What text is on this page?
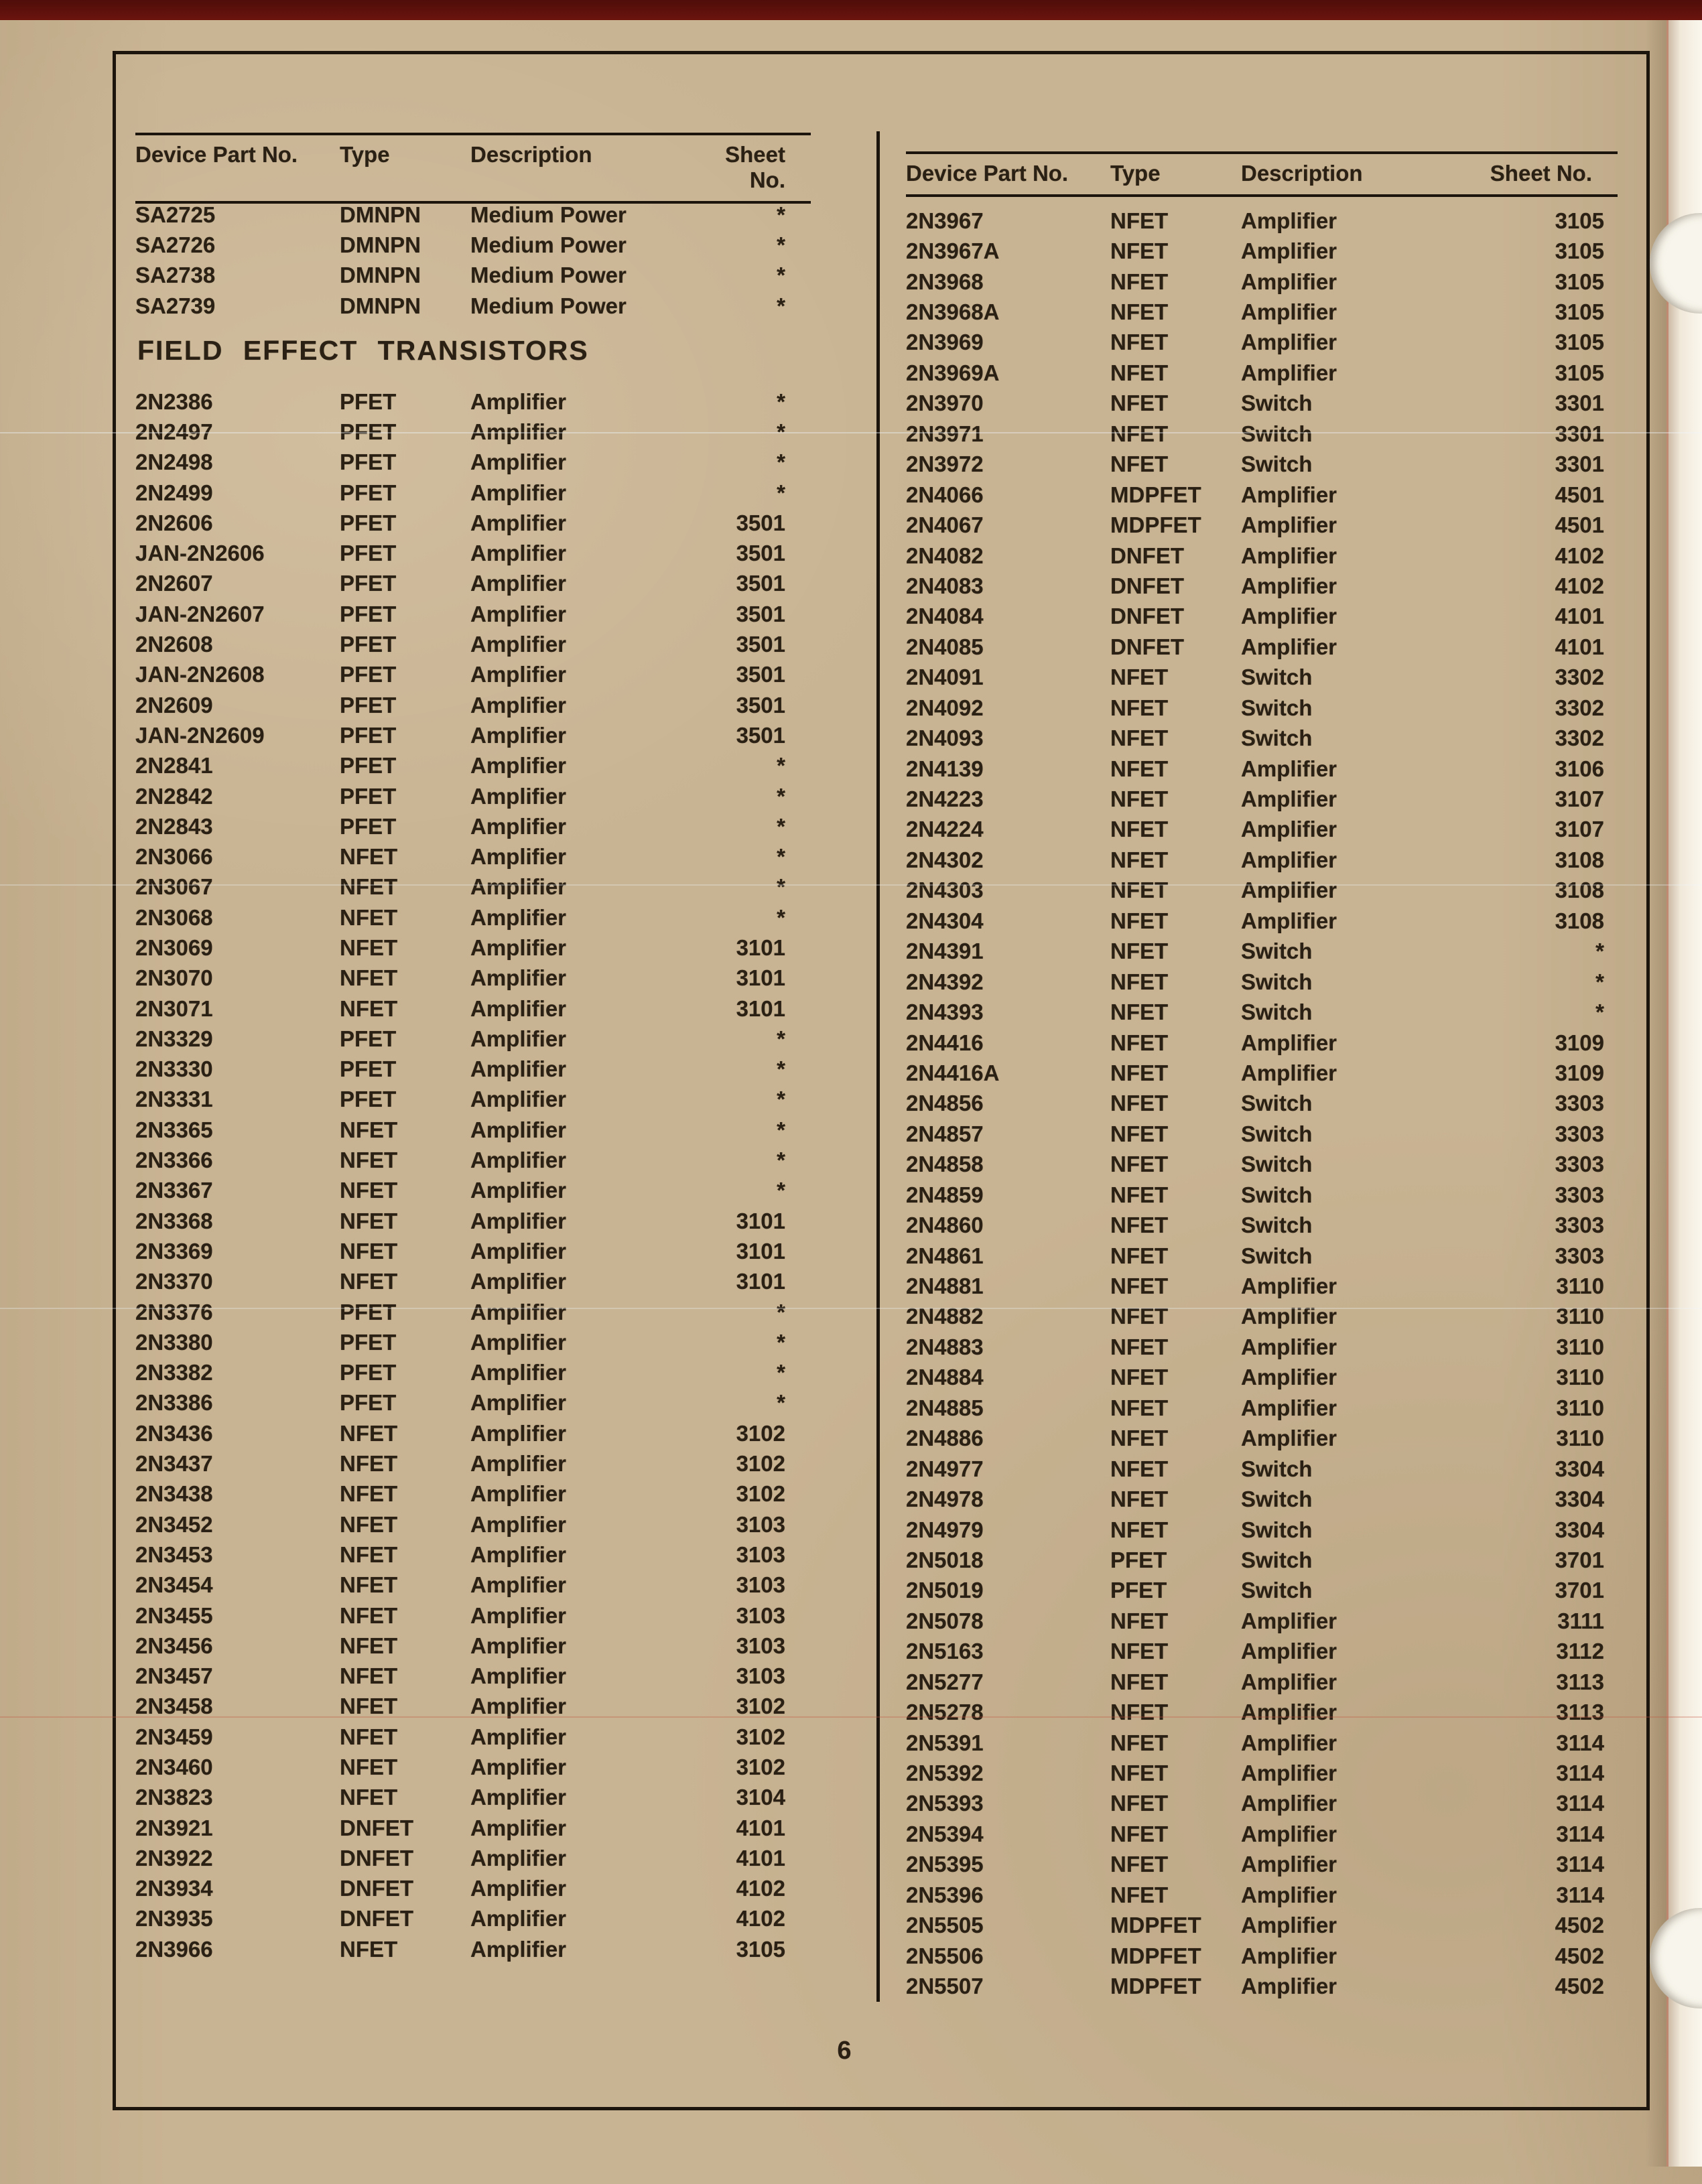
Device Part No.	Type	Description	Sheet No.	Device Part No.	Type	Description	Sheet No.
SA2725	DMNPN	Medium Power	*
SA2726	DMNPN	Medium Power	*
SA2738	DMNPN	Medium Power	*
SA2739	DMNPN	Medium Power	*
FIELD EFFECT TRANSISTORS
2N2386	PFET	Amplifier	*
2N2497	PFET	Amplifier	*
2N2498	PFET	Amplifier	*
2N2499	PFET	Amplifier	*
2N2606	PFET	Amplifier	3501
JAN-2N2606	PFET	Amplifier	3501
2N2607	PFET	Amplifier	3501
JAN-2N2607	PFET	Amplifier	3501
2N2608	PFET	Amplifier	3501
JAN-2N2608	PFET	Amplifier	3501
2N2609	PFET	Amplifier	3501
JAN-2N2609	PFET	Amplifier	3501
2N2841	PFET	Amplifier	*
2N2842	PFET	Amplifier	*
2N2843	PFET	Amplifier	*
2N3066	NFET	Amplifier	*
2N3067	NFET	Amplifier	*
2N3068	NFET	Amplifier	*
2N3069	NFET	Amplifier	3101
2N3070	NFET	Amplifier	3101
2N3071	NFET	Amplifier	3101
2N3329	PFET	Amplifier	*
2N3330	PFET	Amplifier	*
2N3331	PFET	Amplifier	*
2N3365	NFET	Amplifier	*
2N3366	NFET	Amplifier	*
2N3367	NFET	Amplifier	*
2N3368	NFET	Amplifier	3101
2N3369	NFET	Amplifier	3101
2N3370	NFET	Amplifier	3101
2N3376	PFET	Amplifier	*
2N3380	PFET	Amplifier	*
2N3382	PFET	Amplifier	*
2N3386	PFET	Amplifier	*
2N3436	NFET	Amplifier	3102
2N3437	NFET	Amplifier	3102
2N3438	NFET	Amplifier	3102
2N3452	NFET	Amplifier	3103
2N3453	NFET	Amplifier	3103
2N3454	NFET	Amplifier	3103
2N3455	NFET	Amplifier	3103
2N3456	NFET	Amplifier	3103
2N3457	NFET	Amplifier	3103
2N3458	NFET	Amplifier	3102
2N3459	NFET	Amplifier	3102
2N3460	NFET	Amplifier	3102
2N3823	NFET	Amplifier	3104
2N3921	DNFET	Amplifier	4101
2N3922	DNFET	Amplifier	4101
2N3934	DNFET	Amplifier	4102
2N3935	DNFET	Amplifier	4102
2N3966	NFET	Amplifier	3105
2N3967	NFET	Amplifier	3105
2N3967A	NFET	Amplifier	3105
2N3968	NFET	Amplifier	3105
2N3968A	NFET	Amplifier	3105
2N3969	NFET	Amplifier	3105
2N3969A	NFET	Amplifier	3105
2N3970	NFET	Switch	3301
2N3971	NFET	Switch	3301
2N3972	NFET	Switch	3301
2N4066	MDPFET	Amplifier	4501
2N4067	MDPFET	Amplifier	4501
2N4082	DNFET	Amplifier	4102
2N4083	DNFET	Amplifier	4102
2N4084	DNFET	Amplifier	4101
2N4085	DNFET	Amplifier	4101
2N4091	NFET	Switch	3302
2N4092	NFET	Switch	3302
2N4093	NFET	Switch	3302
2N4139	NFET	Amplifier	3106
2N4223	NFET	Amplifier	3107
2N4224	NFET	Amplifier	3107
2N4302	NFET	Amplifier	3108
2N4303	NFET	Amplifier	3108
2N4304	NFET	Amplifier	3108
2N4391	NFET	Switch	*
2N4392	NFET	Switch	*
2N4393	NFET	Switch	*
2N4416	NFET	Amplifier	3109
2N4416A	NFET	Amplifier	3109
2N4856	NFET	Switch	3303
2N4857	NFET	Switch	3303
2N4858	NFET	Switch	3303
2N4859	NFET	Switch	3303
2N4860	NFET	Switch	3303
2N4861	NFET	Switch	3303
2N4881	NFET	Amplifier	3110
2N4882	NFET	Amplifier	3110
2N4883	NFET	Amplifier	3110
2N4884	NFET	Amplifier	3110
2N4885	NFET	Amplifier	3110
2N4886	NFET	Amplifier	3110
2N4977	NFET	Switch	3304
2N4978	NFET	Switch	3304
2N4979	NFET	Switch	3304
2N5018	PFET	Switch	3701
2N5019	PFET	Switch	3701
2N5078	NFET	Amplifier	3111
2N5163	NFET	Amplifier	3112
2N5277	NFET	Amplifier	3113
2N5278	NFET	Amplifier	3113
2N5391	NFET	Amplifier	3114
2N5392	NFET	Amplifier	3114
2N5393	NFET	Amplifier	3114
2N5394	NFET	Amplifier	3114
2N5395	NFET	Amplifier	3114
2N5396	NFET	Amplifier	3114
2N5505	MDPFET	Amplifier	4502
2N5506	MDPFET	Amplifier	4502
2N5507	MDPFET	Amplifier	4502
6
